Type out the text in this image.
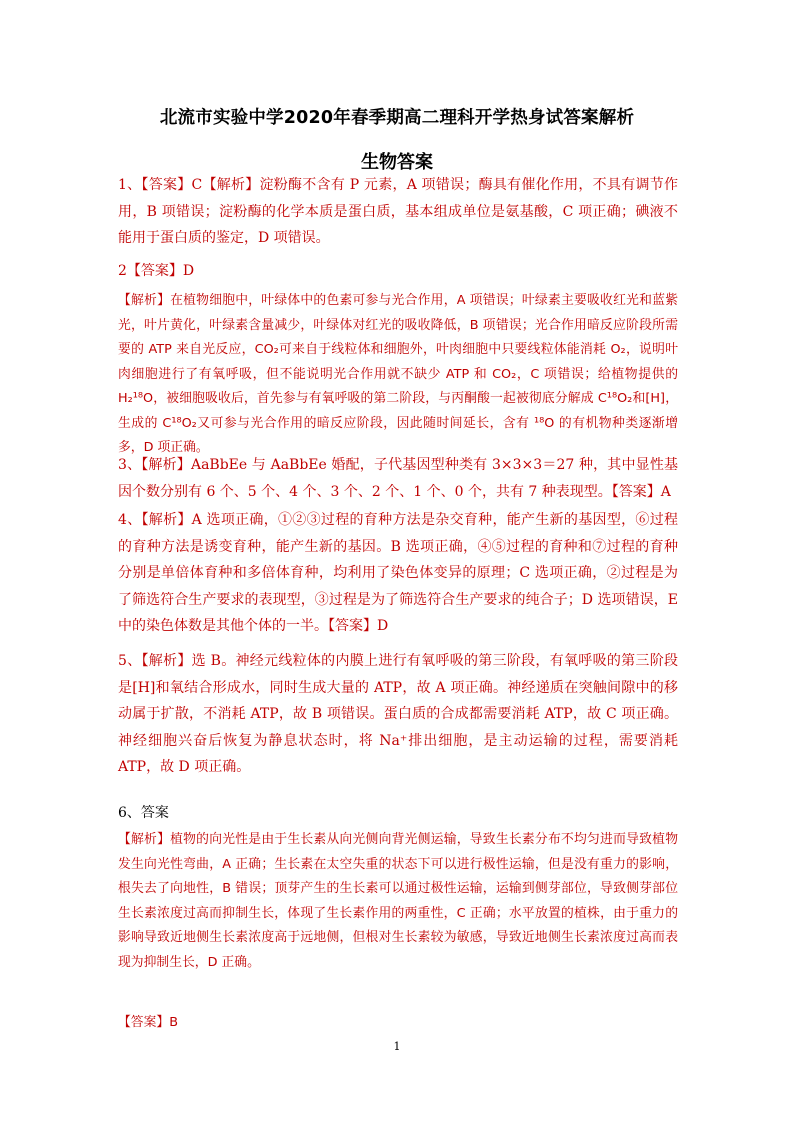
北流市实验中学2020年春季期高二理科开学热身试答案解析
生物答案

1、【答案】C【解析】淀粉酶不含有 P 元素，A 项错误；酶具有催化作用，不具有调节作用，B 项错误；淀粉酶的化学本质是蛋白质，基本组成单位是氨基酸，C 项正确；碘液不能用于蛋白质的鉴定，D 项错误。

2【答案】D

【解析】在植物细胞中，叶绿体中的色素可参与光合作用，A 项错误；叶绿素主要吸收红光和蓝紫光，叶片黄化，叶绿素含量减少，叶绿体对红光的吸收降低，B 项错误；光合作用暗反应阶段所需要的 ATP 来自光反应，CO₂可来自于线粒体和细胞外，叶肉细胞中只要线粒体能消耗 O₂，说明叶肉细胞进行了有氧呼吸，但不能说明光合作用就不缺少 ATP 和 CO₂，C 项错误；给植物提供的 H₂¹⁸O，被细胞吸收后，首先参与有氧呼吸的第二阶段，与丙酮酸一起被彻底分解成 C¹⁸O₂和[H]，生成的 C¹⁸O₂又可参与光合作用的暗反应阶段，因此随时间延长，含有 ¹⁸O 的有机物种类逐渐增多，D 项正确。

3、【解析】AaBbEe 与 AaBbEe 婚配，子代基因型种类有 3×3×3＝27 种，其中显性基因个数分别有 6 个、5 个、4 个、3 个、2 个、1 个、0 个，共有 7 种表现型。【答案】A

4、【解析】A 选项正确，①②③过程的育种方法是杂交育种，能产生新的基因型，⑥过程的育种方法是诱变育种，能产生新的基因。B 选项正确，④⑤过程的育种和⑦过程的育种分别是单倍体育种和多倍体育种，均利用了染色体变异的原理；C 选项正确，②过程是为了筛选符合生产要求的表现型，③过程是为了筛选符合生产要求的纯合子；D 选项错误，E 中的染色体数是其他个体的一半。【答案】D

5、【解析】选 B。神经元线粒体的内膜上进行有氧呼吸的第三阶段，有氧呼吸的第三阶段是[H]和氧结合形成水，同时生成大量的 ATP，故 A 项正确。神经递质在突触间隙中的移动属于扩散，不消耗 ATP，故 B 项错误。蛋白质的合成都需要消耗 ATP，故 C 项正确。神经细胞兴奋后恢复为静息状态时，将 Na⁺排出细胞，是主动运输的过程，需要消耗 ATP，故 D 项正确。

6、答案

【解析】植物的向光性是由于生长素从向光侧向背光侧运输，导致生长素分布不均匀进而导致植物发生向光性弯曲，A 正确；生长素在太空失重的状态下可以进行极性运输，但是没有重力的影响，根失去了向地性，B 错误；顶芽产生的生长素可以通过极性运输，运输到侧芽部位，导致侧芽部位生长素浓度过高而抑制生长，体现了生长素作用的两重性，C 正确；水平放置的植株，由于重力的影响导致近地侧生长素浓度高于远地侧，但根对生长素较为敏感，导致近地侧生长素浓度过高而表现为抑制生长，D 正确。

【答案】B

1
